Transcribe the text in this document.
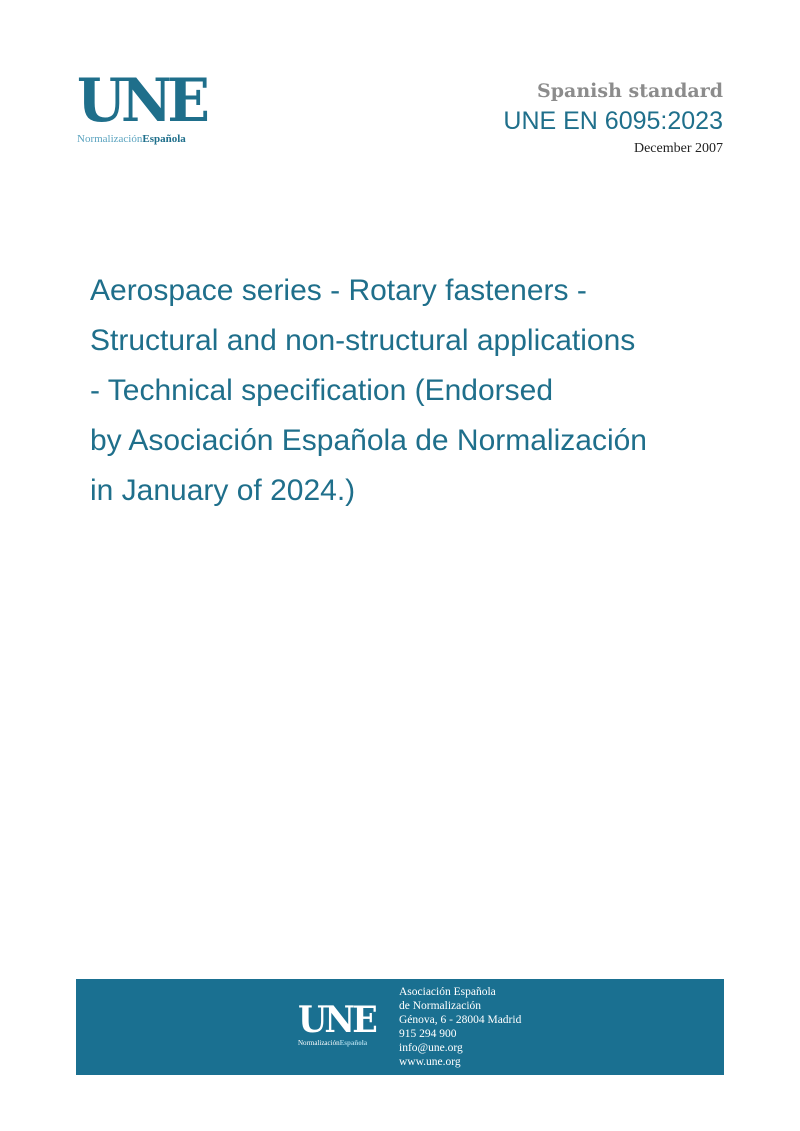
UNE
NormalizaciónEspañola
Spanish standard
UNE EN 6095:2023
December 2007
Aerospace series - Rotary fasteners -
Structural and non-structural applications
- Technical specification (Endorsed
by Asociación Española de Normalización
in January of 2024.)
UNE
NormalizaciónEspañola
Asociación Española
de Normalización
Génova, 6 - 28004 Madrid
915 294 900
info@une.org
www.une.org
